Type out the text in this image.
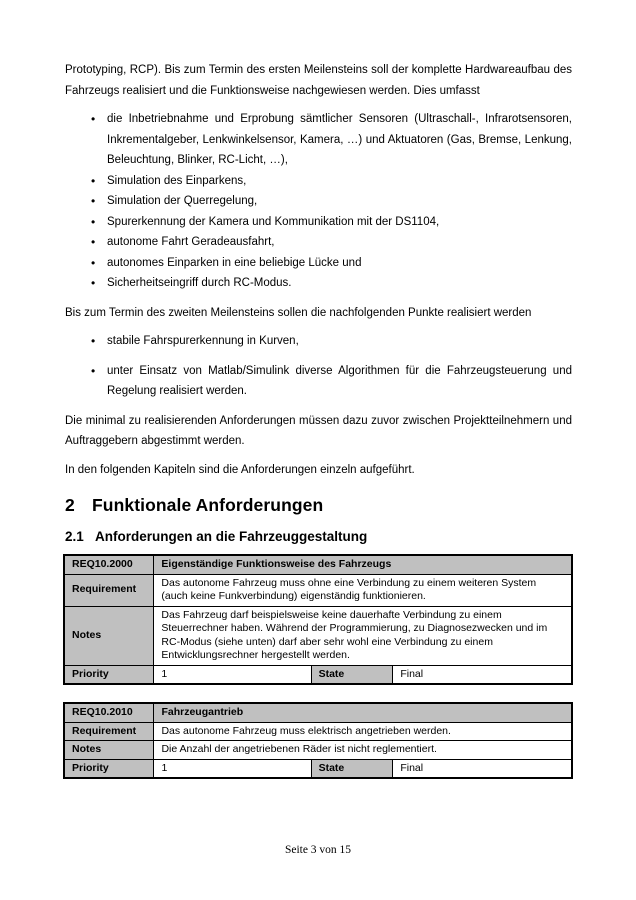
Prototyping, RCP). Bis zum Termin des ersten Meilensteins soll der komplette Hardwareaufbau des Fahrzeugs realisiert und die Funktionsweise nachgewiesen werden. Dies umfasst

• die Inbetriebnahme und Erprobung sämtlicher Sensoren (Ultraschall-, Infrarotsensoren, Inkrementalgeber, Lenkwinkelsensor, Kamera, …) und Aktuatoren (Gas, Bremse, Lenkung, Beleuchtung, Blinker, RC-Licht, …),
• Simulation des Einparkens,
• Simulation der Querregelung,
• Spurerkennung der Kamera und Kommunikation mit der DS1104,
• autonome Fahrt Geradeausfahrt,
• autonomes Einparken in eine beliebige Lücke und
• Sicherheitseingriff durch RC-Modus.

Bis zum Termin des zweiten Meilensteins sollen die nachfolgenden Punkte realisiert werden

• stabile Fahrspurerkennung in Kurven,
• unter Einsatz von Matlab/Simulink diverse Algorithmen für die Fahrzeugsteuerung und Regelung realisiert werden.

Die minimal zu realisierenden Anforderungen müssen dazu zuvor zwischen Projektteilnehmern und Auftraggebern abgestimmt werden.

In den folgenden Kapiteln sind die Anforderungen einzeln aufgeführt.

2 Funktionale Anforderungen
2.1 Anforderungen an die Fahrzeuggestaltung
REQ10.2000	Eigenständige Funktionsweise des Fahrzeugs		
Requirement	Das autonome Fahrzeug muss ohne eine Verbindung zu einem weiteren System (auch keine Funkverbindung) eigenständig funktionieren.		
Notes	Das Fahrzeug darf beispielsweise keine dauerhafte Verbindung zu einem Steuerrechner haben. Während der Programmierung, zu Diagnosezwecken und im RC-Modus (siehe unten) darf aber sehr wohl eine Verbindung zu einem Entwicklungsrechner hergestellt werden.		
Priority	1	State	Final
REQ10.2010	Fahrzeugantrieb		
Requirement	Das autonome Fahrzeug muss elektrisch angetrieben werden.		
Notes	Die Anzahl der angetriebenen Räder ist nicht reglementiert.		
Priority	1	State	Final
Seite 3 von 15
